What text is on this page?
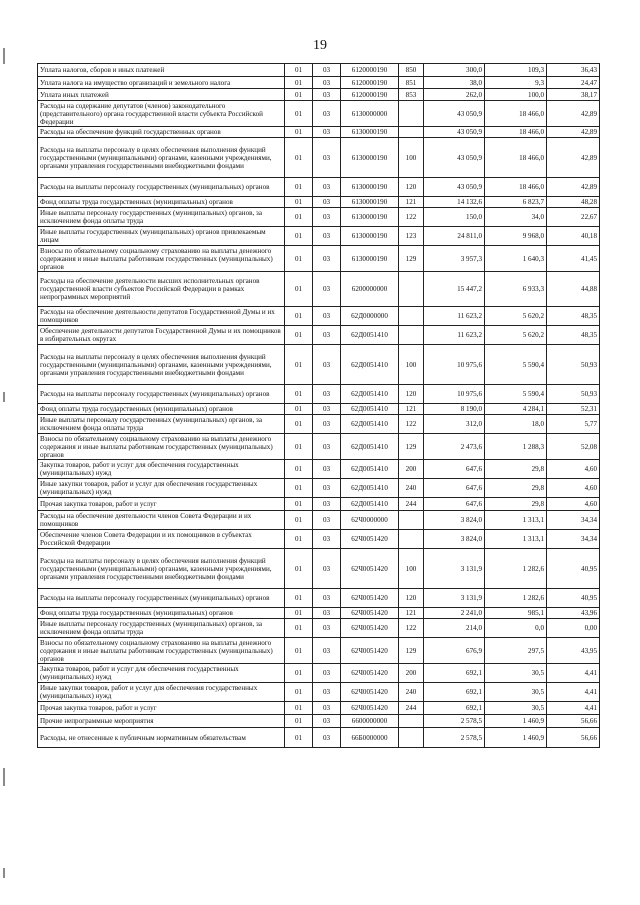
19
Уплата налогов, сборов и иных платежей	01	03	6120000190	850	300,0	109,3	36,43
Уплата налога на имущество организаций и земельного налога	01	03	6120000190	851	38,0	9,3	24,47
Уплата иных платежей	01	03	6120000190	853	262,0	100,0	38,17
Расходы на содержание депутатов (членов) законодательного (представительного) органа государственной власти субъекта Российской Федерации	01	03	6130000000		43 050,9	18 466,0	42,89
Расходы на обеспечение функций государственных органов	01	03	6130000190		43 050,9	18 466,0	42,89
Расходы на выплаты персоналу в целях обеспечения выполнения функций государственными (муниципальными) органами, казенными учреждениями, органами управления государственными внебюджетными фондами	01	03	6130000190	100	43 050,9	18 466,0	42,89
Расходы на выплаты персоналу государственных (муниципальных) органов	01	03	6130000190	120	43 050,9	18 466,0	42,89
Фонд оплаты труда государственных (муниципальных) органов	01	03	6130000190	121	14 132,6	6 823,7	48,28
Иные выплаты персоналу государственных (муниципальных) органов, за исключением фонда оплаты труда	01	03	6130000190	122	150,0	34,0	22,67
Иные выплаты государственных (муниципальных) органов привлекаемым лицам	01	03	6130000190	123	24 811,0	9 968,0	40,18
Взносы по обязательному социальному страхованию на выплаты денежного содержания и иные выплаты работникам государственных (муниципальных) органов	01	03	6130000190	129	3 957,3	1 640,3	41,45
Расходы на обеспечение деятельности высших исполнительных органов государственной власти субъектов Российской Федерации в рамках непрограммных мероприятий	01	03	6200000000		15 447,2	6 933,3	44,88
Расходы на обеспечение деятельности депутатов Государственной Думы и их помощников	01	03	62Д0000000		11 623,2	5 620,2	48,35
Обеспечение деятельности депутатов Государственной Думы и их помощников в избирательных округах	01	03	62Д0051410		11 623,2	5 620,2	48,35
Расходы на выплаты персоналу в целях обеспечения выполнения функций государственными (муниципальными) органами, казенными учреждениями, органами управления государственными внебюджетными фондами	01	03	62Д0051410	100	10 975,6	5 590,4	50,93
Расходы на выплаты персоналу государственных (муниципальных) органов	01	03	62Д0051410	120	10 975,6	5 590,4	50,93
Фонд оплаты труда государственных (муниципальных) органов	01	03	62Д0051410	121	8 190,0	4 284,1	52,31
Иные выплаты персоналу государственных (муниципальных) органов, за исключением фонда оплаты труда	01	03	62Д0051410	122	312,0	18,0	5,77
Взносы по обязательному социальному страхованию на выплаты денежного содержания и иные выплаты работникам государственных (муниципальных) органов	01	03	62Д0051410	129	2 473,6	1 288,3	52,08
Закупка товаров, работ и услуг для обеспечения государственных (муниципальных) нужд	01	03	62Д0051410	200	647,6	29,8	4,60
Иные закупки товаров, работ и услуг для обеспечения государственных (муниципальных) нужд	01	03	62Д0051410	240	647,6	29,8	4,60
Прочая закупка товаров, работ и услуг	01	03	62Д0051410	244	647,6	29,8	4,60
Расходы на обеспечение деятельности членов Совета Федерации и их помощников	01	03	62Ч0000000		3 824,0	1 313,1	34,34
Обеспечение членов Совета Федерации и их помощников в субъектах Российской Федерации	01	03	62Ч0051420		3 824,0	1 313,1	34,34
Расходы на выплаты персоналу в целях обеспечения выполнения функций государственными (муниципальными) органами, казенными учреждениями, органами управления государственными внебюджетными фондами	01	03	62Ч0051420	100	3 131,9	1 282,6	40,95
Расходы на выплаты персоналу государственных (муниципальных) органов	01	03	62Ч0051420	120	3 131,9	1 282,6	40,95
Фонд оплаты труда государственных (муниципальных) органов	01	03	62Ч0051420	121	2 241,0	985,1	43,96
Иные выплаты персоналу государственных (муниципальных) органов, за исключением фонда оплаты труда	01	03	62Ч0051420	122	214,0	0,0	0,00
Взносы по обязательному социальному страхованию на выплаты денежного содержания и иные выплаты работникам государственных (муниципальных) органов	01	03	62Ч0051420	129	676,9	297,5	43,95
Закупка товаров, работ и услуг для обеспечения государственных (муниципальных) нужд	01	03	62Ч0051420	200	692,1	30,5	4,41
Иные закупки товаров, работ и услуг для обеспечения государственных (муниципальных) нужд	01	03	62Ч0051420	240	692,1	30,5	4,41
Прочая закупка товаров, работ и услуг	01	03	62Ч0051420	244	692,1	30,5	4,41
Прочие непрограммные мероприятия	01	03	6600000000		2 578,5	1 460,9	56,66
Расходы, не отнесенные к публичным нормативным обязательствам	01	03	66Б0000000		2 578,5	1 460,9	56,66
